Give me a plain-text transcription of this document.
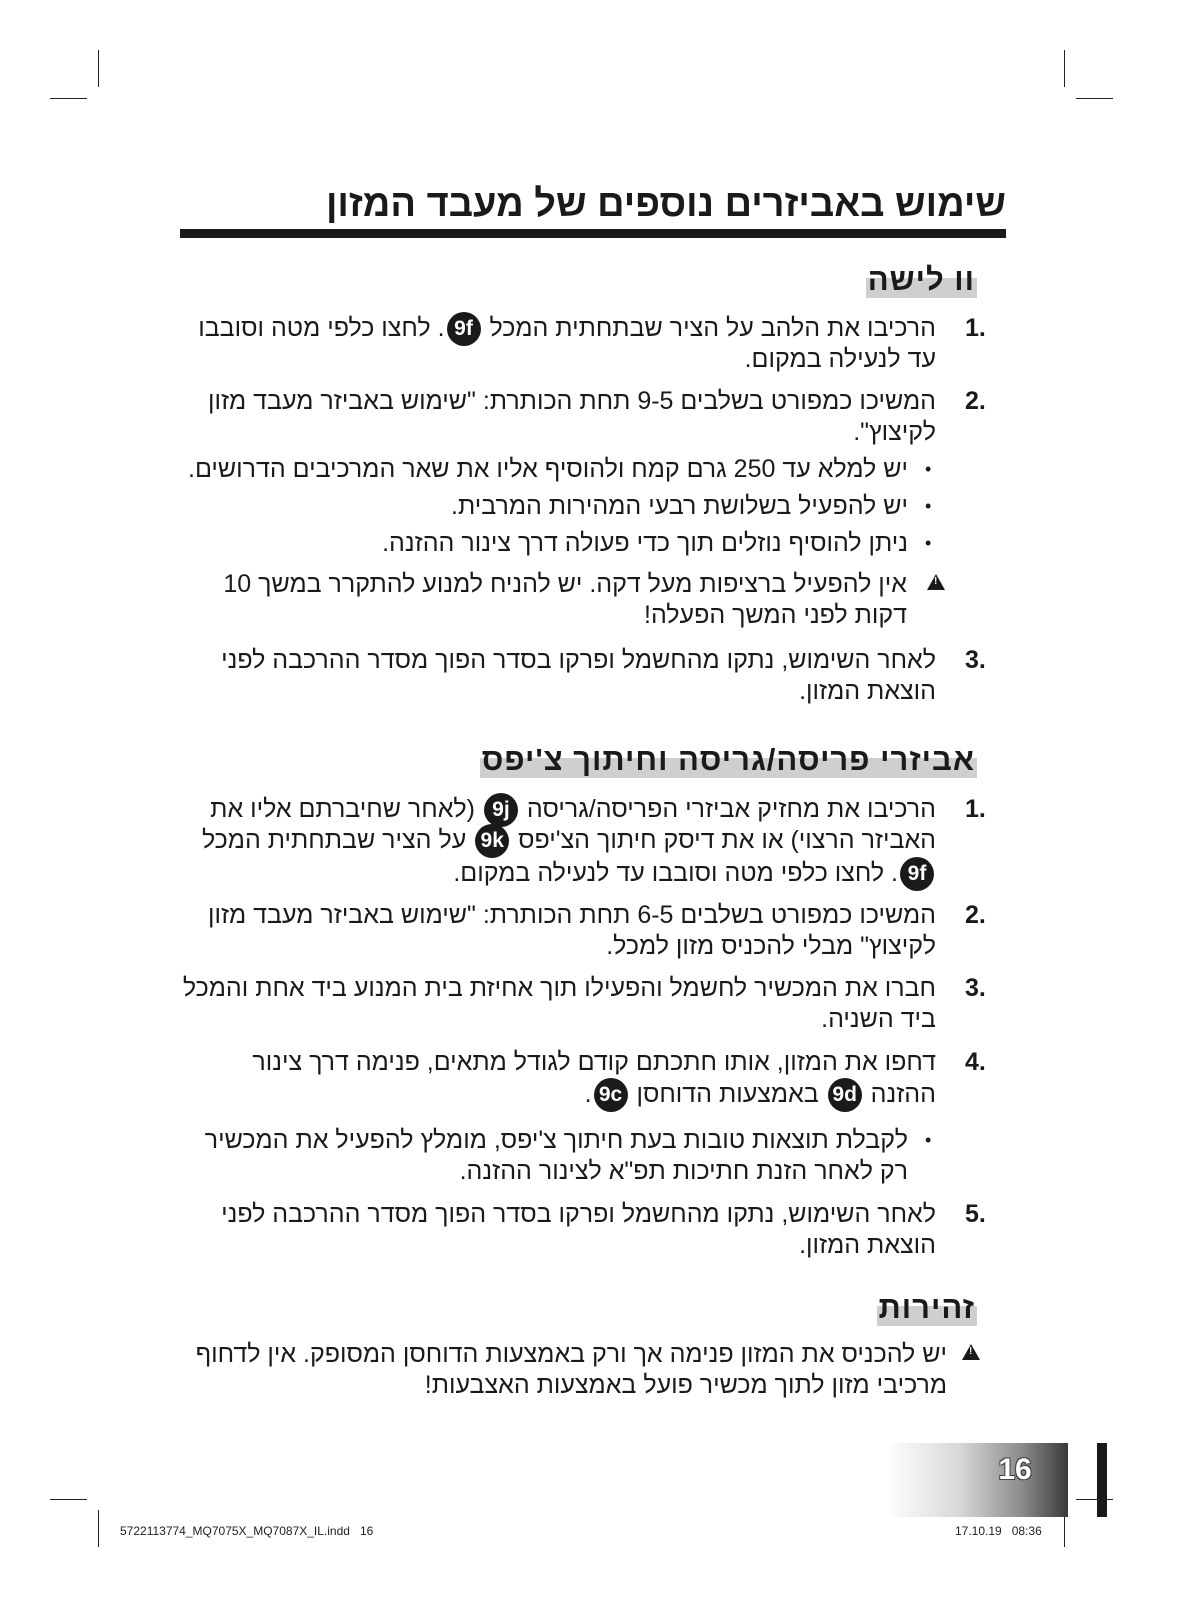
שימוש באביזרים נוספים של מעבד המזון
וו לישה
1.
הרכיבו את הלהב על הציר שבתחתית המכל 9f. לחצו כלפי מטה וסובבו
עד לנעילה במקום.
2.
המשיכו כמפורט בשלבים 9-5 תחת הכותרת: "שימוש באביזר מעבד מזון
לקיצוץ".
•
יש למלא עד 250 גרם קמח ולהוסיף אליו את שאר המרכיבים הדרושים.
•
יש להפעיל בשלושת רבעי המהירות המרבית.
•
ניתן להוסיף נוזלים תוך כדי פעולה דרך צינור ההזנה.
!
אין להפעיל ברציפות מעל דקה. יש להניח למנוע להתקרר במשך 10
דקות לפני המשך הפעלה!
3.
לאחר השימוש, נתקו מהחשמל ופרקו בסדר הפוך מסדר ההרכבה לפני
הוצאת המזון.
אביזרי פריסה/גריסה וחיתוך צ'יפס
1.
הרכיבו את מחזיק אביזרי הפריסה/גריסה 9j (לאחר שחיברתם אליו את
האביזר הרצוי) או את דיסק חיתוך הצ'יפס 9k על הציר שבתחתית המכל
9f. לחצו כלפי מטה וסובבו עד לנעילה במקום.
2.
המשיכו כמפורט בשלבים 6-5 תחת הכותרת: "שימוש באביזר מעבד מזון
לקיצוץ" מבלי להכניס מזון למכל.
3.
חברו את המכשיר לחשמל והפעילו תוך אחיזת בית המנוע ביד אחת והמכל
ביד השניה.
4.
דחפו את המזון, אותו חתכתם קודם לגודל מתאים, פנימה דרך צינור
ההזנה 9d באמצעות הדוחסן 9c.
•
לקבלת תוצאות טובות בעת חיתוך צ'יפס, מומלץ להפעיל את המכשיר
רק לאחר הזנת חתיכות תפ"א לצינור ההזנה.
5.
לאחר השימוש, נתקו מהחשמל ופרקו בסדר הפוך מסדר ההרכבה לפני
הוצאת המזון.
זהירות
!
יש להכניס את המזון פנימה אך ורק באמצעות הדוחסן המסופק. אין לדחוף
מרכיבי מזון לתוך מכשיר פועל באמצעות האצבעות!
16
5722113774_MQ7075X_MQ7087X_IL.indd   16	17.10.19   08:36
